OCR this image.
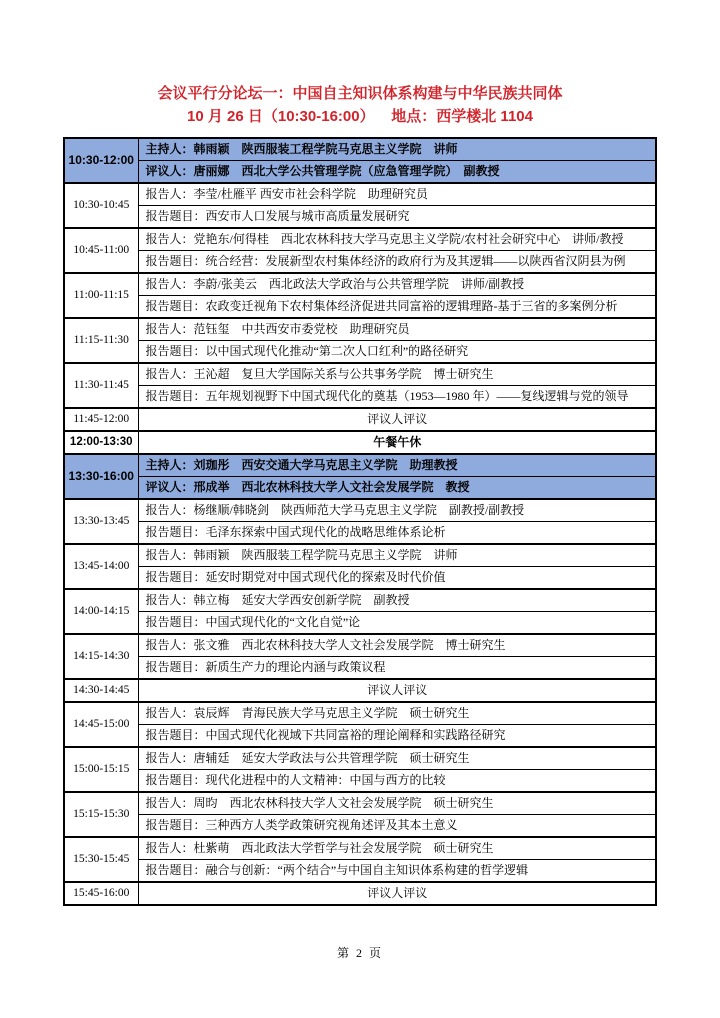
会议平行分论坛一：中国自主知识体系构建与中华民族共同体
10 月 26 日（10:30-16:00）    地点：西学楼北 1104
10:30-12:00	主持人：韩雨颖　陕西服装工程学院马克思主义学院　讲师
	评议人：唐丽娜　西北大学公共管理学院（应急管理学院）　副教授
10:30-10:45	报告人：李莹/杜雁平 西安市社会科学院　助理研究员
	报告题目：西安市人口发展与城市高质量发展研究
10:45-11:00	报告人：党艳东/何得桂　西北农林科技大学马克思主义学院/农村社会研究中心　讲师/教授
	报告题目：统合经营：发展新型农村集体经济的政府行为及其逻辑——以陕西省汉阴县为例
11:00-11:15	报告人：李蔚/张美云　西北政法大学政治与公共管理学院　讲师/副教授
	报告题目：农政变迁视角下农村集体经济促进共同富裕的逻辑理路-基于三省的多案例分析
11:15-11:30	报告人：范钰玺　中共西安市委党校　助理研究员
	报告题目：以中国式现代化推动“第二次人口红利”的路径研究
11:30-11:45	报告人：王沁超　复旦大学国际关系与公共事务学院　博士研究生
	报告题目：五年规划视野下中国式现代化的奠基（1953—1980 年）——复线逻辑与党的领导
11:45-12:00	评议人评议
12:00-13:30	午餐午休
13:30-16:00	主持人：刘珈彤　西安交通大学马克思主义学院　助理教授
	评议人：邢成举　西北农林科技大学人文社会发展学院　教授
13:30-13:45	报告人：杨继顺/韩晓剑　陕西师范大学马克思主义学院　副教授/副教授
	报告题目：毛泽东探索中国式现代化的战略思维体系论析
13:45-14:00	报告人：韩雨颖　陕西服装工程学院马克思主义学院　讲师
	报告题目：延安时期党对中国式现代化的探索及时代价值
14:00-14:15	报告人：韩立梅　延安大学西安创新学院　副教授
	报告题目：中国式现代化的“文化自觉”论
14:15-14:30	报告人：张文雅　西北农林科技大学人文社会发展学院　博士研究生
	报告题目：新质生产力的理论内涵与政策议程
14:30-14:45	评议人评议
14:45-15:00	报告人：袁辰辉　青海民族大学马克思主义学院　硕士研究生
	报告题目：中国式现代化视域下共同富裕的理论阐释和实践路径研究
15:00-15:15	报告人：唐辅廷　延安大学政法与公共管理学院　硕士研究生
	报告题目：现代化进程中的人文精神：中国与西方的比较
15:15-15:30	报告人：周昀　西北农林科技大学人文社会发展学院　硕士研究生
	报告题目：三种西方人类学政策研究视角述评及其本土意义
15:30-15:45	报告人：杜紫萌　西北政法大学哲学与社会发展学院　硕士研究生
	报告题目：融合与创新：“两个结合”与中国自主知识体系构建的哲学逻辑
15:45-16:00	评议人评议
第 2 页
